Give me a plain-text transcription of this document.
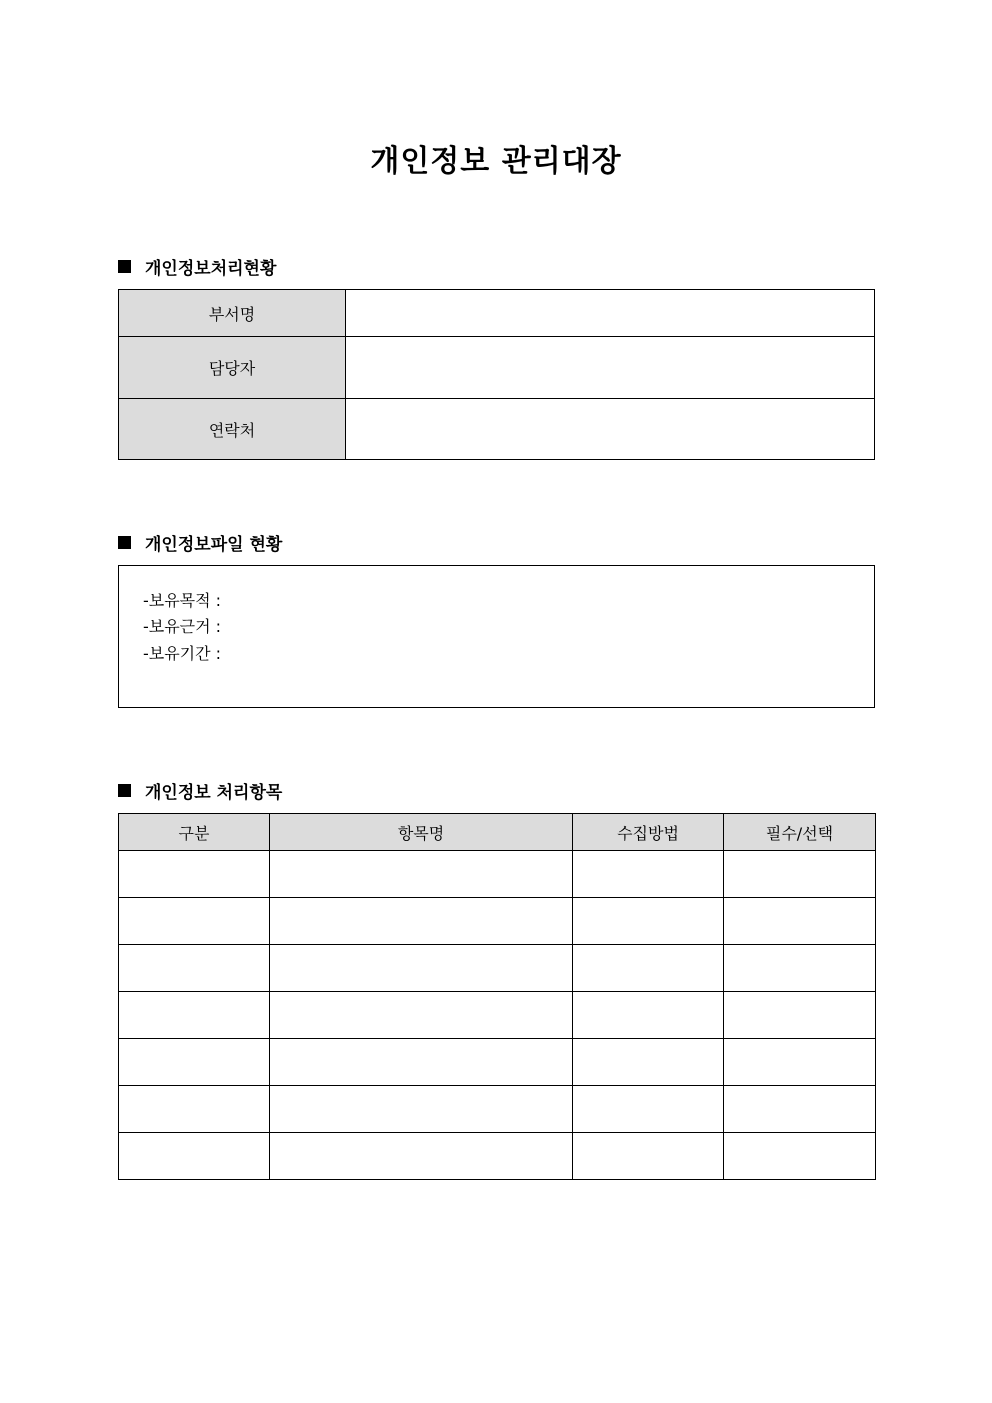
개인정보 관리대장
개인정보처리현황
부서명	
담당자	
연락처	
개인정보파일 현황
-보유목적 :
-보유근거 :
-보유기간 :
개인정보 처리항목
구분	항목명	수집방법	필수/선택
